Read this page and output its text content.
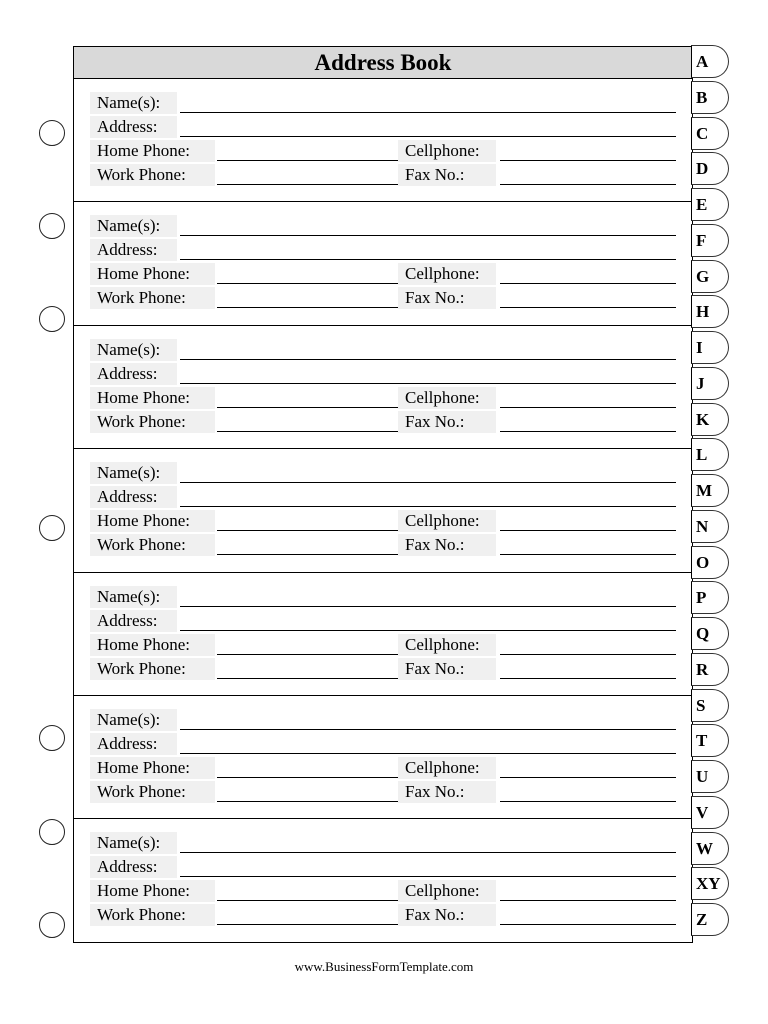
Address Book
Name(s):
Address:
Home Phone:	Cellphone:
Work Phone:	Fax No.:
Name(s):
Address:
Home Phone:	Cellphone:
Work Phone:	Fax No.:
Name(s):
Address:
Home Phone:	Cellphone:
Work Phone:	Fax No.:
Name(s):
Address:
Home Phone:	Cellphone:
Work Phone:	Fax No.:
Name(s):
Address:
Home Phone:	Cellphone:
Work Phone:	Fax No.:
Name(s):
Address:
Home Phone:	Cellphone:
Work Phone:	Fax No.:
Name(s):
Address:
Home Phone:	Cellphone:
Work Phone:	Fax No.:
A
B
C
D
E
F
G
H
I
J
K
L
M
N
O
P
Q
R
S
T
U
V
W
XY
Z
www.BusinessFormTemplate.com
